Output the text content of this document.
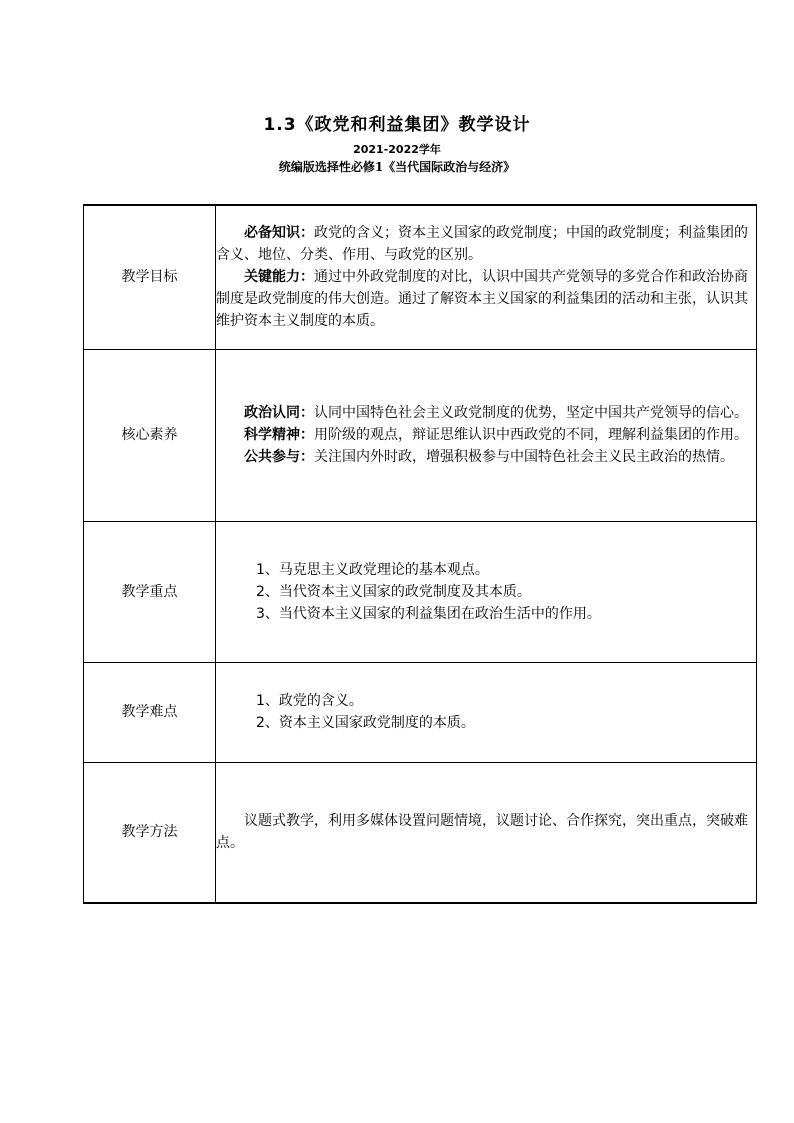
1.3《政党和利益集团》教学设计
2021-2022学年
统编版选择性必修1《当代国际政治与经济》
教学目标	必备知识：政党的含义；资本主义国家的政党制度；中国的政党制度；利益集团的含义、地位、分类、作用、与政党的区别。

关键能力：通过中外政党制度的对比，认识中国共产党领导的多党合作和政治协商制度是政党制度的伟大创造。通过了解资本主义国家的利益集团的活动和主张，认识其维护资本主义制度的本质。

核心素养	政治认同：认同中国特色社会主义政党制度的优势，坚定中国共产党领导的信心。

科学精神：用阶级的观点，辩证思维认识中西政党的不同，理解利益集团的作用。

公共参与：关注国内外时政，增强积极参与中国特色社会主义民主政治的热情。

教学重点	1、马克思主义政党理论的基本观点。

2、当代资本主义国家的政党制度及其本质。

3、当代资本主义国家的利益集团在政治生活中的作用。

教学难点	1、政党的含义。

2、资本主义国家政党制度的本质。

教学方法	议题式教学，利用多媒体设置问题情境，议题讨论、合作探究，突出重点，突破难点。
